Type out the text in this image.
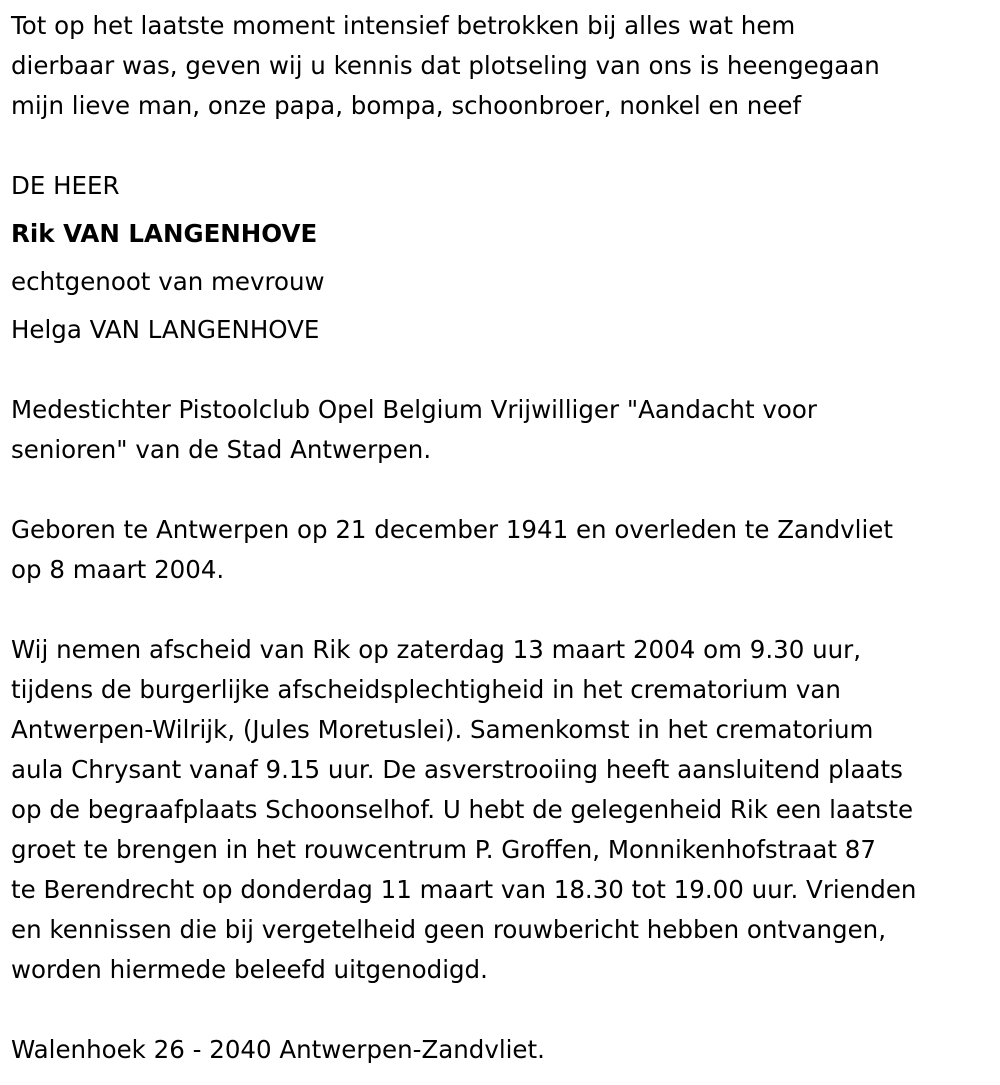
Tot op het laatste moment intensief betrokken bij alles wat hem
dierbaar was, geven wij u kennis dat plotseling van ons is heengegaan
mijn lieve man, onze papa, bompa, schoonbroer, nonkel en neef

DE HEER

Rik VAN LANGENHOVE

echtgenoot van mevrouw

Helga VAN LANGENHOVE

Medestichter Pistoolclub Opel Belgium Vrijwilliger "Aandacht voor
senioren" van de Stad Antwerpen.

Geboren te Antwerpen op 21 december 1941 en overleden te Zandvliet
op 8 maart 2004.

Wij nemen afscheid van Rik op zaterdag 13 maart 2004 om 9.30 uur,
tijdens de burgerlijke afscheidsplechtigheid in het crematorium van
Antwerpen-Wilrijk, (Jules Moretuslei). Samenkomst in het crematorium
aula Chrysant vanaf 9.15 uur. De asverstrooiing heeft aansluitend plaats
op de begraafplaats Schoonselhof. U hebt de gelegenheid Rik een laatste
groet te brengen in het rouwcentrum P. Groffen, Monnikenhofstraat 87
te Berendrecht op donderdag 11 maart van 18.30 tot 19.00 uur. Vrienden
en kennissen die bij vergetelheid geen rouwbericht hebben ontvangen,
worden hiermede beleefd uitgenodigd.

Walenhoek 26 - 2040 Antwerpen-Zandvliet.
